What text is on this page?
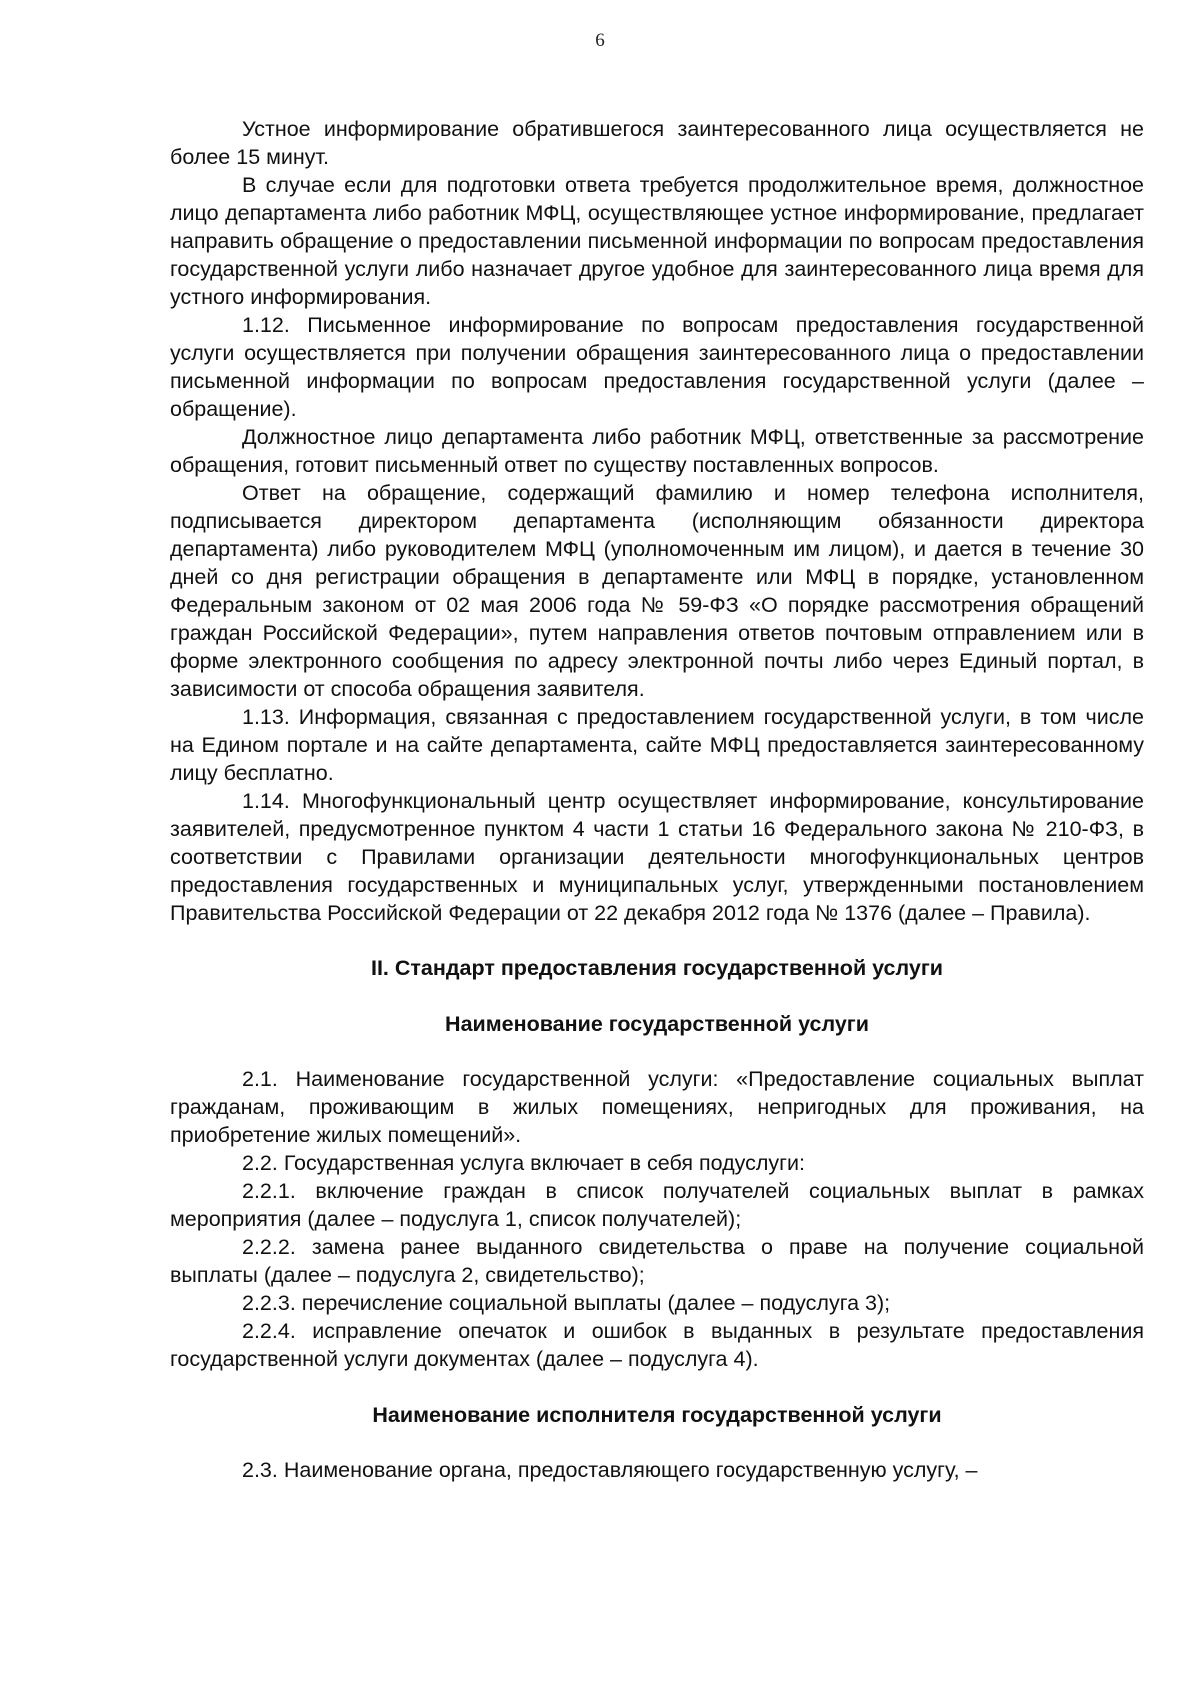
6

Устное информирование обратившегося заинтересованного лица осуществляется не более 15 минут.

В случае если для подготовки ответа требуется продолжительное время, должностное лицо департамента либо работник МФЦ, осуществляющее устное информирование, предлагает направить обращение о предоставлении письменной информации по вопросам предоставления государственной услуги либо назначает другое удобное для заинтересованного лица время для устного информирования.

1.12. Письменное информирование по вопросам предоставления государственной услуги осуществляется при получении обращения заинтересованного лица о предоставлении письменной информации по вопросам предоставления государственной услуги (далее – обращение).

Должностное лицо департамента либо работник МФЦ, ответственные за рассмотрение обращения, готовит письменный ответ по существу поставленных вопросов.

Ответ на обращение, содержащий фамилию и номер телефона исполнителя, подписывается директором департамента (исполняющим обязанности директора департамента) либо руководителем МФЦ (уполномоченным им лицом), и дается в течение 30 дней со дня регистрации обращения в департаменте или МФЦ в порядке, установленном Федеральным законом от 02 мая 2006 года № 59-ФЗ «О порядке рассмотрения обращений граждан Российской Федерации», путем направления ответов почтовым отправлением или в форме электронного сообщения по адресу электронной почты либо через Единый портал, в зависимости от способа обращения заявителя.

1.13. Информация, связанная с предоставлением государственной услуги, в том числе на Едином портале и на сайте департамента, сайте МФЦ предоставляется заинтересованному лицу бесплатно.

1.14. Многофункциональный центр осуществляет информирование, консультирование заявителей, предусмотренное пунктом 4 части 1 статьи 16 Федерального закона № 210-ФЗ, в соответствии с Правилами организации деятельности многофункциональных центров предоставления государственных и муниципальных услуг, утвержденными постановлением Правительства Российской Федерации от 22 декабря 2012 года № 1376 (далее – Правила).

II. Стандарт предоставления государственной услуги

Наименование государственной услуги

2.1. Наименование государственной услуги: «Предоставление социальных выплат гражданам, проживающим в жилых помещениях, непригодных для проживания, на приобретение жилых помещений».

2.2. Государственная услуга включает в себя подуслуги:

2.2.1. включение граждан в список получателей социальных выплат в рамках мероприятия (далее – подуслуга 1, список получателей);

2.2.2. замена ранее выданного свидетельства о праве на получение социальной выплаты (далее – подуслуга 2, свидетельство);

2.2.3. перечисление социальной выплаты (далее – подуслуга 3);

2.2.4. исправление опечаток и ошибок в выданных в результате предоставления государственной услуги документах (далее – подуслуга 4).

Наименование исполнителя государственной услуги

2.3. Наименование органа, предоставляющего государственную услугу, –
